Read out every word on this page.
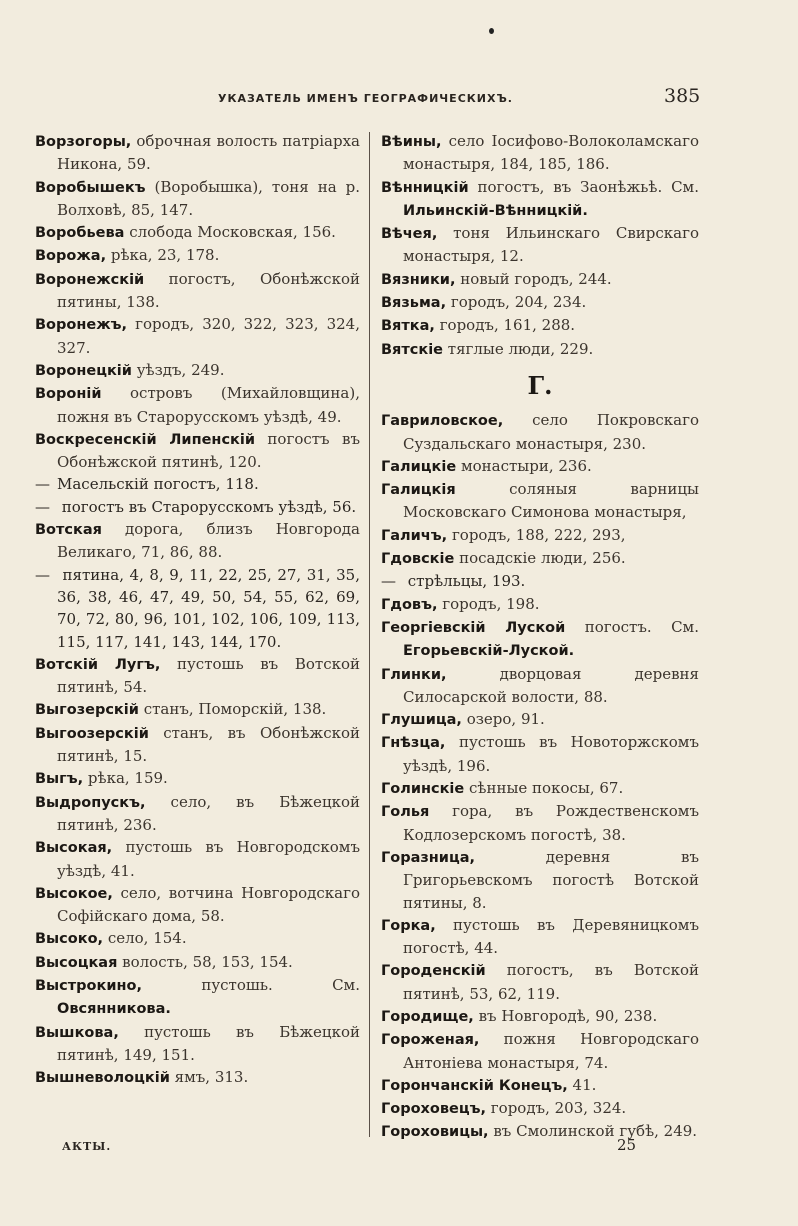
УКАЗАТЕЛЬ ИМЕНЪ ГЕОГРАФИЧЕСКИХЪ.	385
Ворзогоры, оброчная волость патріарха Никона, 59.
Воробышекъ (Воробышка), тоня на р. Волховѣ, 85, 147.
Воробьева слобода Московская, 156.
Ворожа, рѣка, 23, 178.
Воронежскій погостъ, Обонѣжской пятины, 138.
Воронежъ, городъ, 320, 322, 323, 324, 327.
Воронецкій уѣздъ, 249.
Вороній островъ (Михайловщина), пожня въ Старорусскомъ уѣздѣ, 49.
Воскресенскій Липенскій погостъ въ Обонѣжской пятинѣ, 120.
— Масельскій погостъ, 118.
— погостъ въ Старорусскомъ уѣздѣ, 56.
Вотская дорога, близъ Новгорода Великаго, 71, 86, 88.
— пятина, 4, 8, 9, 11, 22, 25, 27, 31, 35, 36, 38, 46, 47, 49, 50, 54, 55, 62, 69, 70, 72, 80, 96, 101, 102, 106, 109, 113, 115, 117, 141, 143, 144, 170.
Вотскій Лугъ, пустошь въ Вотской пятинѣ, 54.
Выгозерскій станъ, Поморскій, 138.
Выгоозерскій станъ, въ Обонѣжской пятинѣ, 15.
Выгъ, рѣка, 159.
Выдропускъ, село, въ Бѣжецкой пятинѣ, 236.
Высокая, пустошь въ Новгородскомъ уѣздѣ, 41.
Высокое, село, вотчина Новгородскаго Софійскаго дома, 58.
Высоко, село, 154.
Высоцкая волость, 58, 153, 154.
Выстрокино, пустошь. См. Овсянникова.
Вышкова, пустошь въ Бѣжецкой пятинѣ, 149, 151.
Вышневолоцкій ямъ, 313.
Вѣины, село Іосифово-Волоколамскаго монастыря, 184, 185, 186.
Вѣнницкій погостъ, въ Заонѣжьѣ. См. Ильинскій-Вѣнницкій.
Вѣчея, тоня Ильинскаго Свирскаго монастыря, 12.
Вязники, новый городъ, 244.
Вязьма, городъ, 204, 234.
Вятка, городъ, 161, 288.
Вятскіе тяглые люди, 229.
Г.
Гавриловское, село Покровскаго Суздальскаго монастыря, 230.
Галицкіе монастыри, 236.
Галицкія соляныя варницы Московскаго Симонова монастыря,
Галичъ, городъ, 188, 222, 293,
Гдовскіе посадскіе люди, 256.
— стрѣльцы, 193.
Гдовъ, городъ, 198.
Георгіевскій Луской погостъ. См. Егорьевскій-Луской.
Глинки, дворцовая деревня Силосарской волости, 88.
Глушица, озеро, 91.
Гнѣзца, пустошь въ Новоторжскомъ уѣздѣ, 196.
Голинскіе сѣнные покосы, 67.
Голья гора, въ Рождественскомъ Кодлозерскомъ погостѣ, 38.
Горазница, деревня въ Григорьевскомъ погостѣ Вотской пятины, 8.
Горка, пустошь въ Деревяницкомъ погостѣ, 44.
Городенскій погостъ, въ Вотской пятинѣ, 53, 62, 119.
Городище, въ Новгородѣ, 90, 238.
Гороженая, пожня Новгородскаго Антоніева монастыря, 74.
Горончанскій Конецъ, 41.
Гороховецъ, городъ, 203, 324.
Гороховицы, въ Смолинской губѣ, 249.
АКТЫ.	25
